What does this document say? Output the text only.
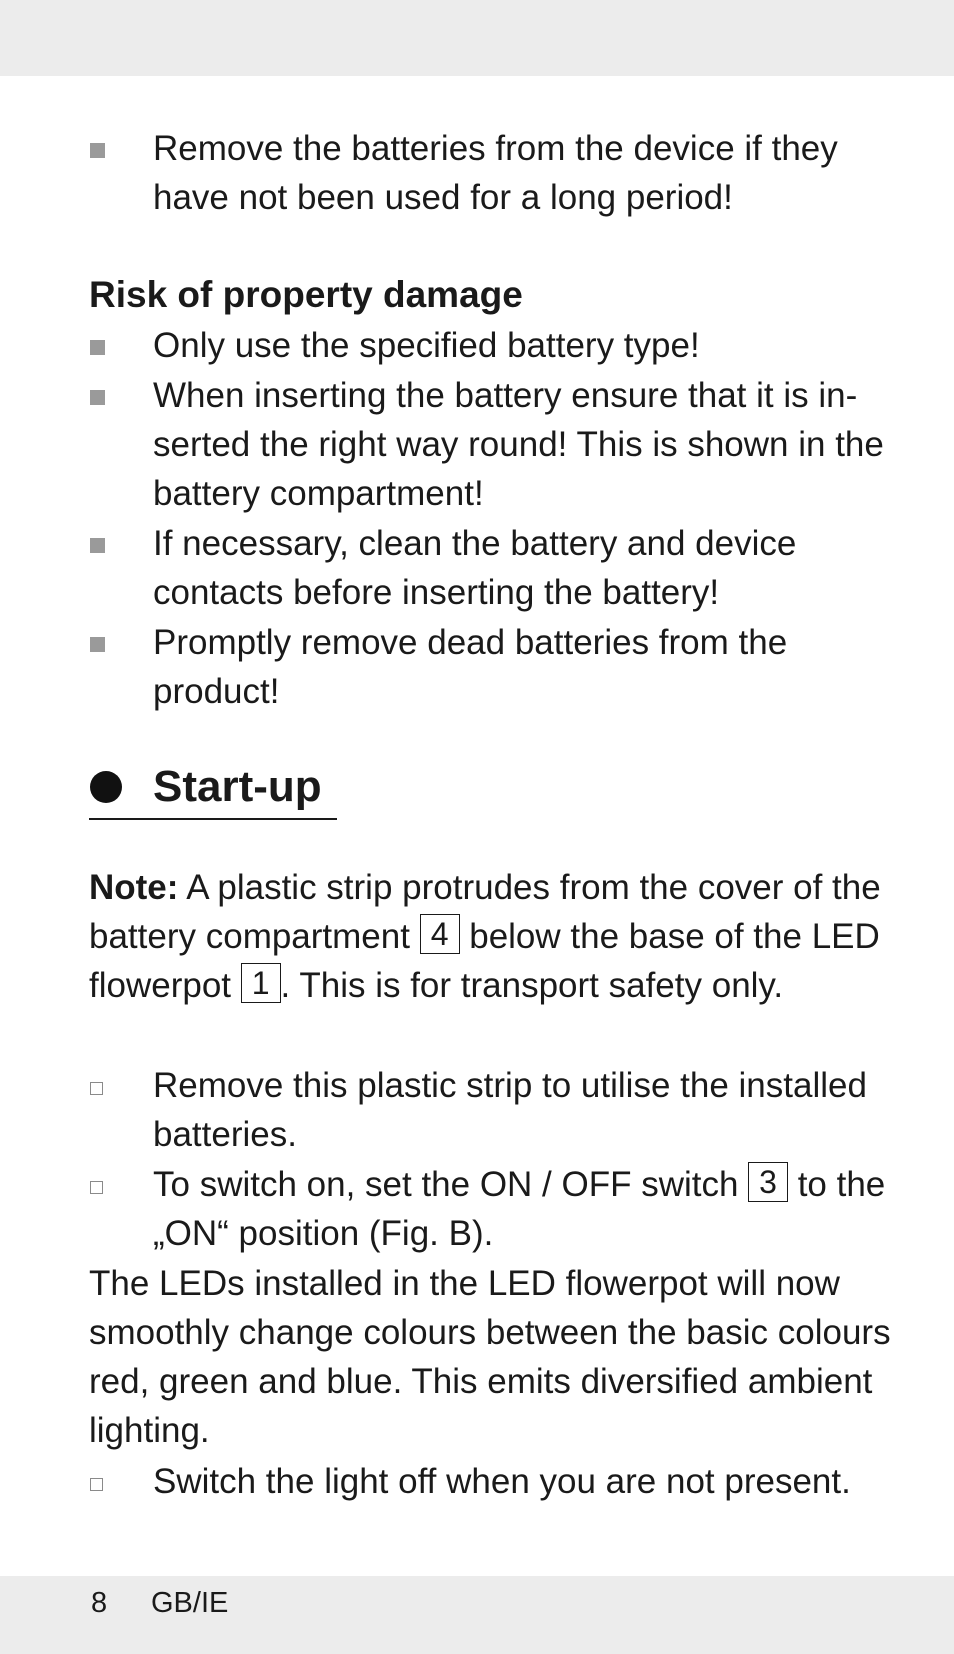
Remove the batteries from the device if they have not been used for a long period!
Risk of property damage
Only use the specified battery type!
When inserting the battery ensure that it is in-serted the right way round! This is shown in the battery compartment!
If necessary, clean the battery and device contacts before inserting the battery!
Promptly remove dead batteries from the product!
Start-up
Note: A plastic strip protrudes from the cover of the battery compartment 4 below the base of the LED flowerpot 1 . This is for transport safety only.
Remove this plastic strip to utilise the installed batteries.
To switch on, set the ON / OFF switch 3 to the „ON“ position (Fig. B).
The LEDs installed in the LED flowerpot will now smoothly change colours between the basic colours red, green and blue. This emits diversified ambient lighting.
Switch the light off when you are not present.
8 GB/IE
